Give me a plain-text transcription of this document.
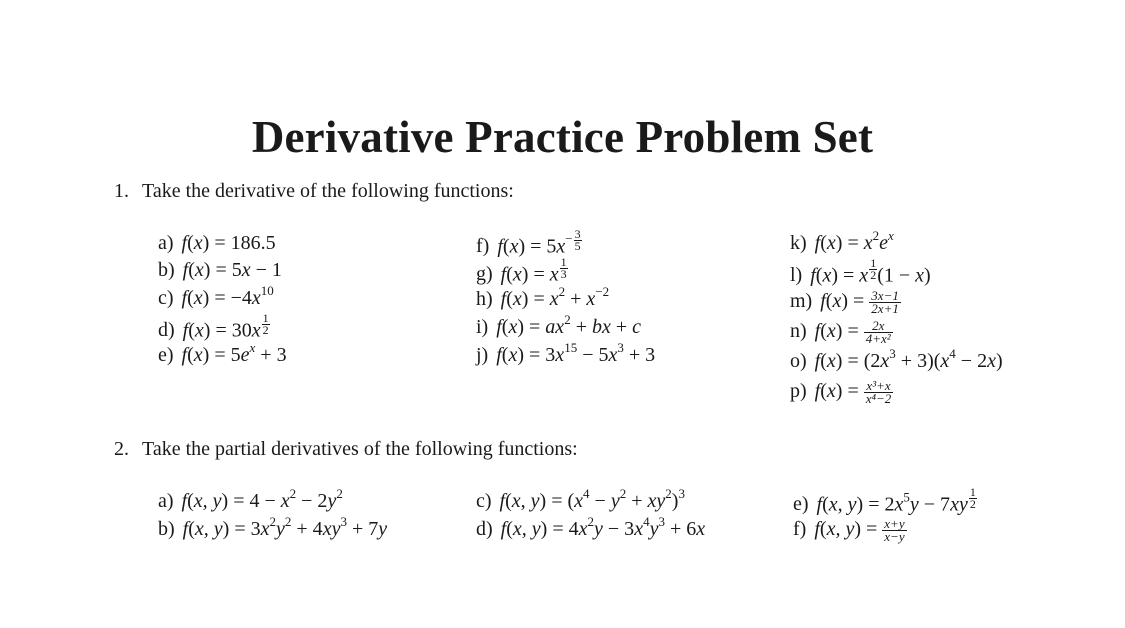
Derivative Practice Problem Set
1. Take the derivative of the following functions:
a) f(x) = 186.5
b) f(x) = 5x − 1
c) $f(x) = -4x^{10}$
d) f(x) = 30x $^{\frac{1}{2}}$
e) $f(x) = 5e^x + 3$
f) $f(x) = 5x^{- \frac{3}{5}}$
g) f(x) = x $^{\frac{1}{3}}$
h) $f(x) = x^2 + x^{-2}$
i) $f(x) = ax^2$ + bx + c
j) $f(x) = 3x^{15} - 5x^3 + 3$
k) $f(x) = x^2e^x$
l) f(x) = x $^{\frac{1}{2}}$ (1 − x)
m) $f(x) = \frac{3x-1}{2x+1}$
n) $f(x) = \frac{2x}{\text{4+x²}}$
o) $f(x) = (2x^3 + 3)(x^4 - 2x)$
p) $f(x) = \frac{\text{x³+x}}{\text{x⁴−2}}$
2. Take the partial derivatives of the following functions:
a) f(x, $y) = 4 - x^2 - 2y^2$
b) f(x, $y) = 3x^2y^2 + 4xy^3 + 7y$
c) f(x, $y) = (x^4 - y^2 + xy^2)^3$
d) f(x, $y) = 4x^2y - 3x^4y^3 + 6x$
e) f(x, $y) = 2x^5y - 7xy$ $^{\frac{1}{2}}$
f) f(x, $y) = \frac{x+y}{x-y}$
